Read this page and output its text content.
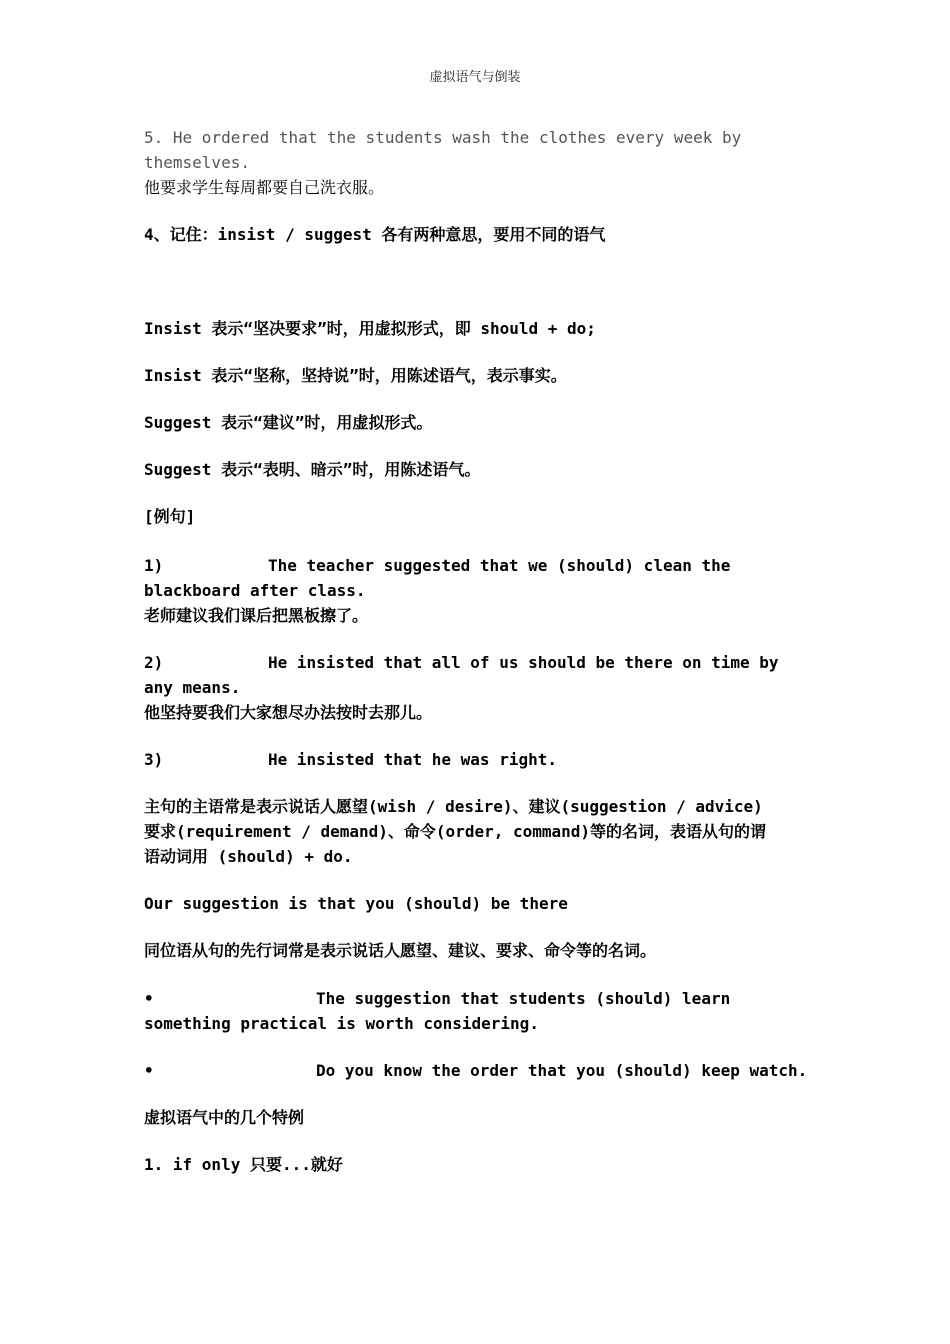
虚拟语气与倒装
5. He ordered that the students wash the clothes every week by
themselves.
他要求学生每周都要自己洗衣服。
4、记住：insist / suggest 各有两种意思，要用不同的语气
Insist 表示“坚决要求”时，用虚拟形式，即 should + do;
Insist 表示“坚称，坚持说”时，用陈述语气，表示事实。
Suggest 表示“建议”时，用虚拟形式。
Suggest 表示“表明、暗示”时，用陈述语气。
[例句]
1)	The teacher suggested that we (should) clean the
blackboard after class.
老师建议我们课后把黑板擦了。
2)	He insisted that all of us should be there on time by
any means.
他坚持要我们大家想尽办法按时去那儿。
3)	He insisted that he was right.
主句的主语常是表示说话人愿望(wish / desire)、建议(suggestion / advice)
要求(requirement / demand)、命令(order, command)等的名词，表语从句的谓
语动词用 (should) + do.
Our suggestion is that you (should) be there
同位语从句的先行词常是表示说话人愿望、建议、要求、命令等的名词。
•	The suggestion that students (should) learn
something practical is worth considering.
•	Do you know the order that you (should) keep watch.
虚拟语气中的几个特例
1. if only 只要...就好
